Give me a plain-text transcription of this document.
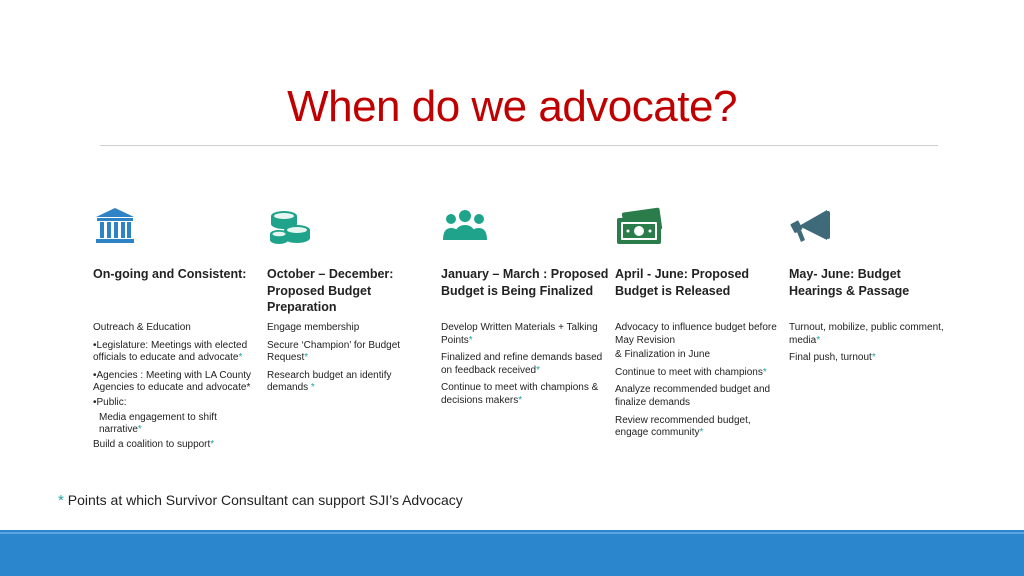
When do we advocate?
On-going and Consistent:
Outreach & Education
•Legislature: Meetings with elected officials to educate and advocate*
•Agencies : Meeting with LA County Agencies to educate and advocate*
•Public:
Media engagement to shift narrative*
Build a coalition to support*
October – December: Proposed Budget Preparation
Engage membership
Secure ‘Champion’ for Budget Request*
Research budget an identify demands *
January – March : Proposed Budget is Being Finalized
Develop Written Materials + Talking Points*
Finalized and refine demands based on feedback received*
Continue to meet with champions & decisions makers*
April - June: Proposed Budget is Released
Advocacy to influence budget before May Revision
& Finalization in June
Continue to meet with champions*
Analyze recommended budget and finalize demands
Review recommended budget, engage community*
May- June: Budget Hearings & Passage
Turnout, mobilize, public comment, media*
Final push, turnout*
* Points at which Survivor Consultant can support SJI’s Advocacy
